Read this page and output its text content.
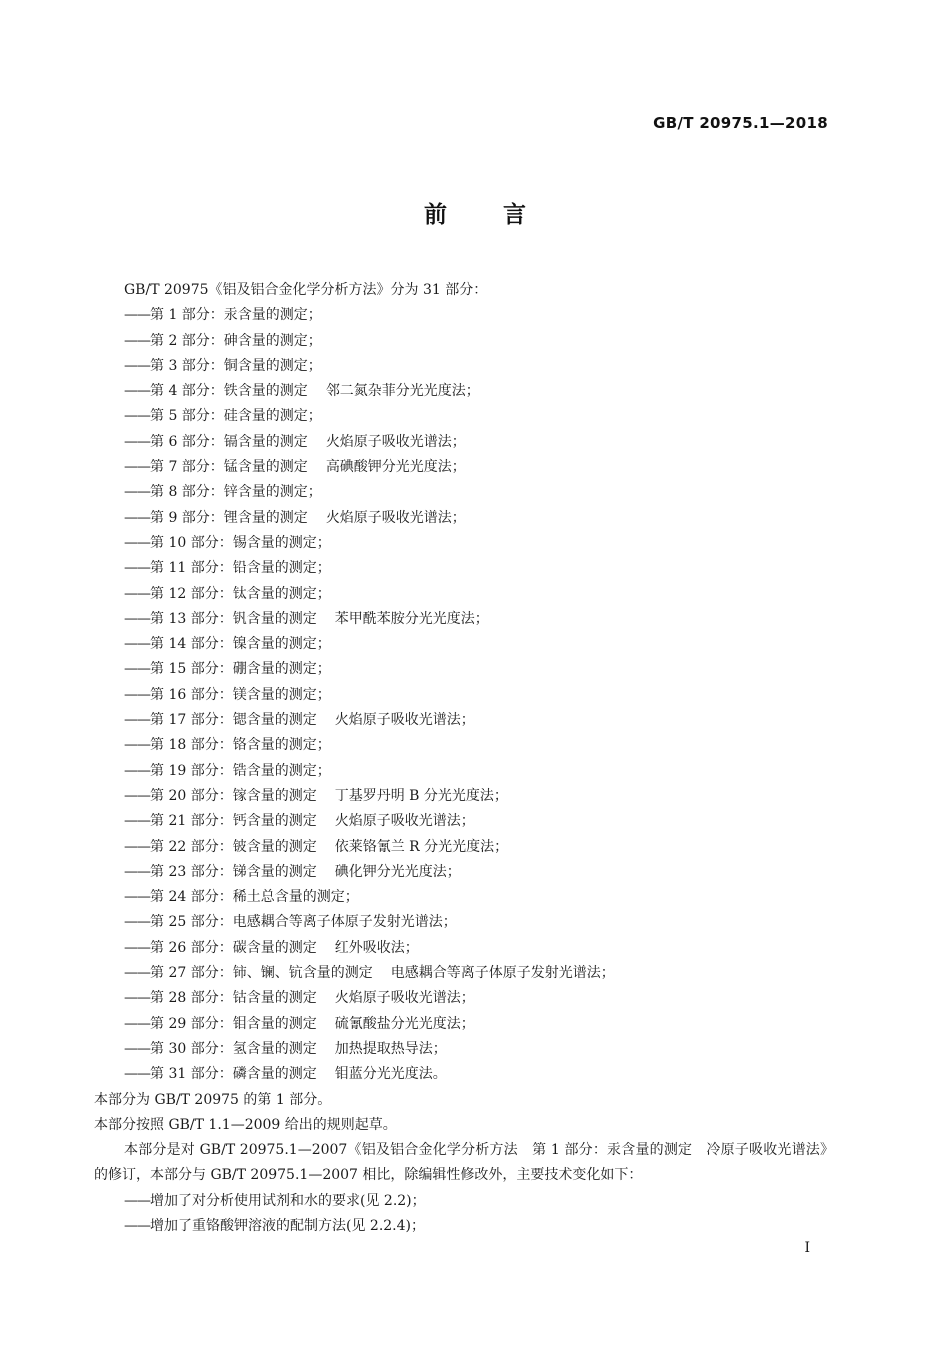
GB/T 20975.1—2018
前 言
GB/T 20975《铝及铝合金化学分析方法》分为 31 部分：
——第 1 部分：汞含量的测定；
——第 2 部分：砷含量的测定；
——第 3 部分：铜含量的测定；
——第 4 部分：铁含量的测定 邻二氮杂菲分光光度法；
——第 5 部分：硅含量的测定；
——第 6 部分：镉含量的测定 火焰原子吸收光谱法；
——第 7 部分：锰含量的测定 高碘酸钾分光光度法；
——第 8 部分：锌含量的测定；
——第 9 部分：锂含量的测定 火焰原子吸收光谱法；
——第 10 部分：锡含量的测定；
——第 11 部分：铅含量的测定；
——第 12 部分：钛含量的测定；
——第 13 部分：钒含量的测定 苯甲酰苯胺分光光度法；
——第 14 部分：镍含量的测定；
——第 15 部分：硼含量的测定；
——第 16 部分：镁含量的测定；
——第 17 部分：锶含量的测定 火焰原子吸收光谱法；
——第 18 部分：铬含量的测定；
——第 19 部分：锆含量的测定；
——第 20 部分：镓含量的测定 丁基罗丹明 B 分光光度法；
——第 21 部分：钙含量的测定 火焰原子吸收光谱法；
——第 22 部分：铍含量的测定 依莱铬氰兰 R 分光光度法；
——第 23 部分：锑含量的测定 碘化钾分光光度法；
——第 24 部分：稀土总含量的测定；
——第 25 部分：电感耦合等离子体原子发射光谱法；
——第 26 部分：碳含量的测定 红外吸收法；
——第 27 部分：铈、镧、钪含量的测定 电感耦合等离子体原子发射光谱法；
——第 28 部分：钴含量的测定 火焰原子吸收光谱法；
——第 29 部分：钼含量的测定 硫氰酸盐分光光度法；
——第 30 部分：氢含量的测定 加热提取热导法；
——第 31 部分：磷含量的测定 钼蓝分光光度法。
本部分为 GB/T 20975 的第 1 部分。
本部分按照 GB/T 1.1—2009 给出的规则起草。
本部分是对 GB/T 20975.1—2007《铝及铝合金化学分析方法　第 1 部分：汞含量的测定　冷原子吸收光谱法》的修订，本部分与 GB/T 20975.1—2007 相比，除编辑性修改外，主要技术变化如下：
——增加了对分析使用试剂和水的要求(见 2.2)；
——增加了重铬酸钾溶液的配制方法(见 2.2.4)；
I
